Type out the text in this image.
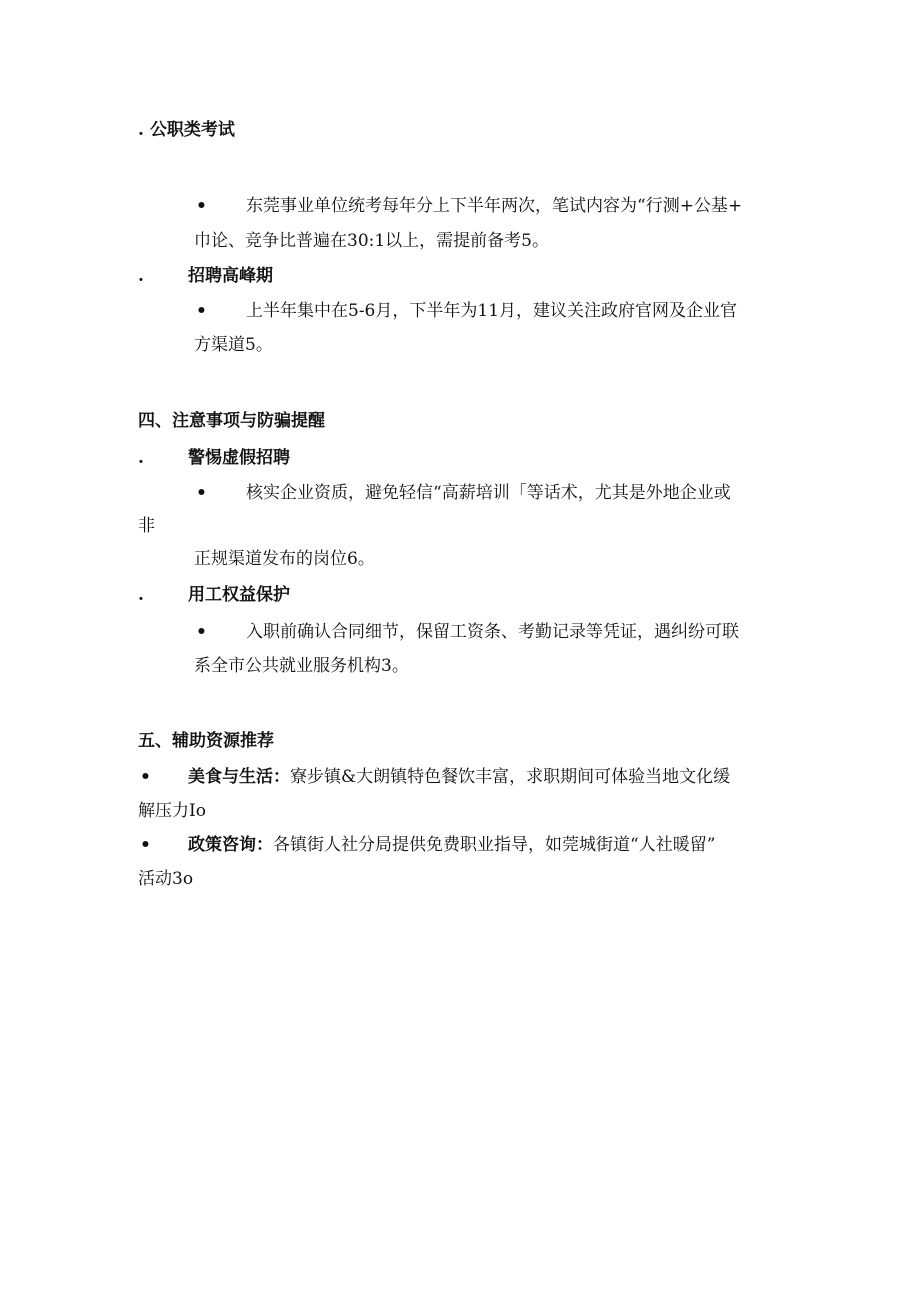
. 公职类考试
• 东莞事业单位统考每年分上下半年两次，笔试内容为“行测+公基+
巾论、竞争比普遍在30:1以上，需提前备考5。
.	招聘高峰期
• 上半年集中在5-6月，下半年为11月，建议关注政府官网及企业官
方渠道5。
四、注意事项与防骗提醒
.	警惕虚假招聘
• 核实企业资质，避免轻信“高薪培训「等话术，尤其是外地企业或
非
正规渠道发布的岗位6。
.	用工权益保护
• 入职前确认合同细节，保留工资条、考勤记录等凭证，遇纠纷可联
系全市公共就业服务机构3。
五、辅助资源推荐
• 美食与生活：寮步镇&大朗镇特色餐饮丰富，求职期间可体验当地文化缓
解压力Io
• 政策咨询：各镇街人社分局提供免费职业指导，如莞城街道“人社暖留”
活动3o
